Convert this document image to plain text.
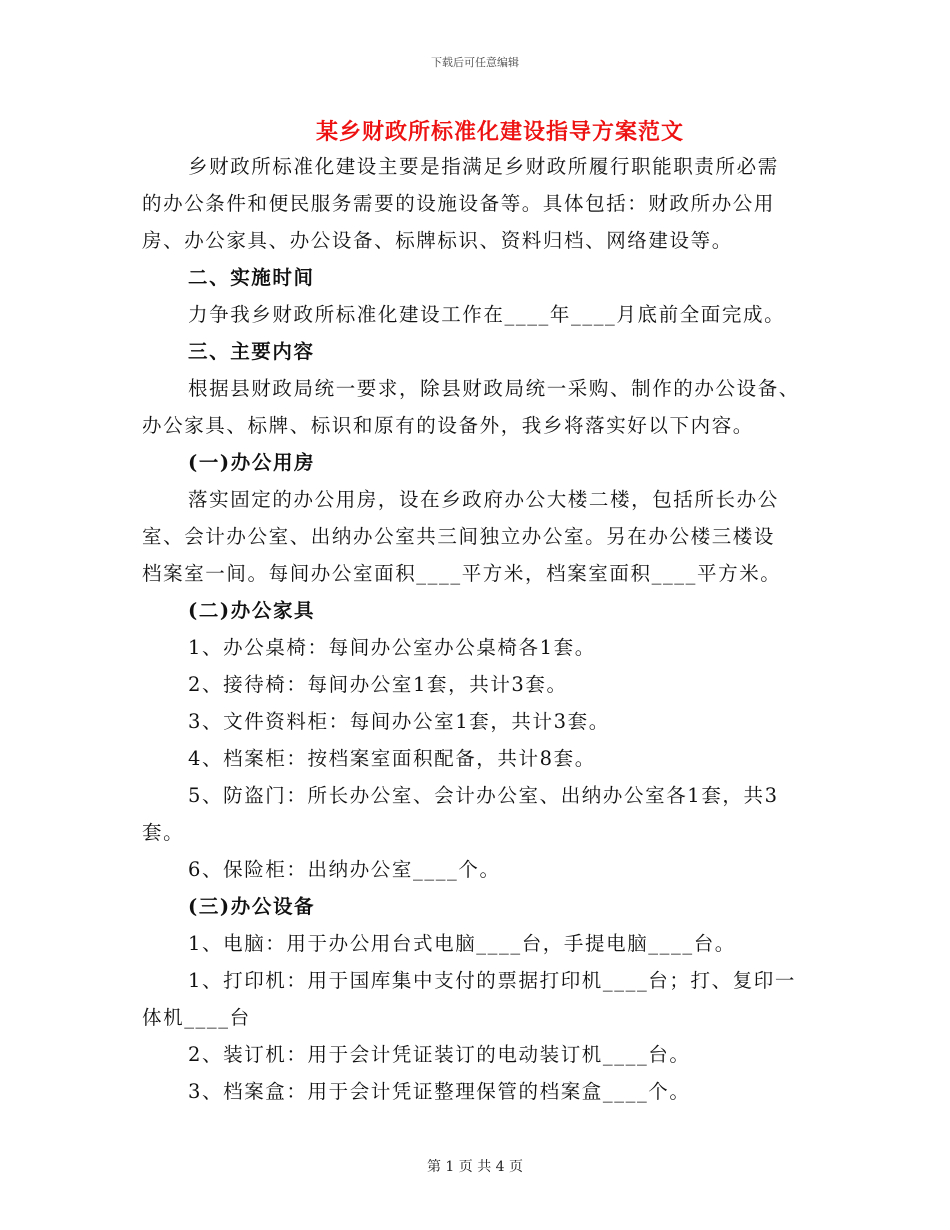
下载后可任意编辑
某乡财政所标准化建设指导方案范文
乡财政所标准化建设主要是指满足乡财政所履行职能职责所必需
的办公条件和便民服务需要的设施设备等。具体包括：财政所办公用
房、办公家具、办公设备、标牌标识、资料归档、网络建设等。
二、实施时间
力争我乡财政所标准化建设工作在____年____月底前全面完成。
三、主要内容
根据县财政局统一要求，除县财政局统一采购、制作的办公设备、
办公家具、标牌、标识和原有的设备外，我乡将落实好以下内容。
(一)办公用房
落实固定的办公用房，设在乡政府办公大楼二楼，包括所长办公
室、会计办公室、出纳办公室共三间独立办公室。另在办公楼三楼设
档案室一间。每间办公室面积____平方米，档案室面积____平方米。
(二)办公家具
1、办公桌椅：每间办公室办公桌椅各1套。
2、接待椅：每间办公室1套，共计3套。
3、文件资料柜：每间办公室1套，共计3套。
4、档案柜：按档案室面积配备，共计8套。
5、防盗门：所长办公室、会计办公室、出纳办公室各1套，共3
套。
6、保险柜：出纳办公室____个。
(三)办公设备
1、电脑：用于办公用台式电脑____台，手提电脑____台。
1、打印机：用于国库集中支付的票据打印机____台；打、复印一
体机____台
2、装订机：用于会计凭证装订的电动装订机____台。
3、档案盒：用于会计凭证整理保管的档案盒____个。
第 1 页 共 4 页
